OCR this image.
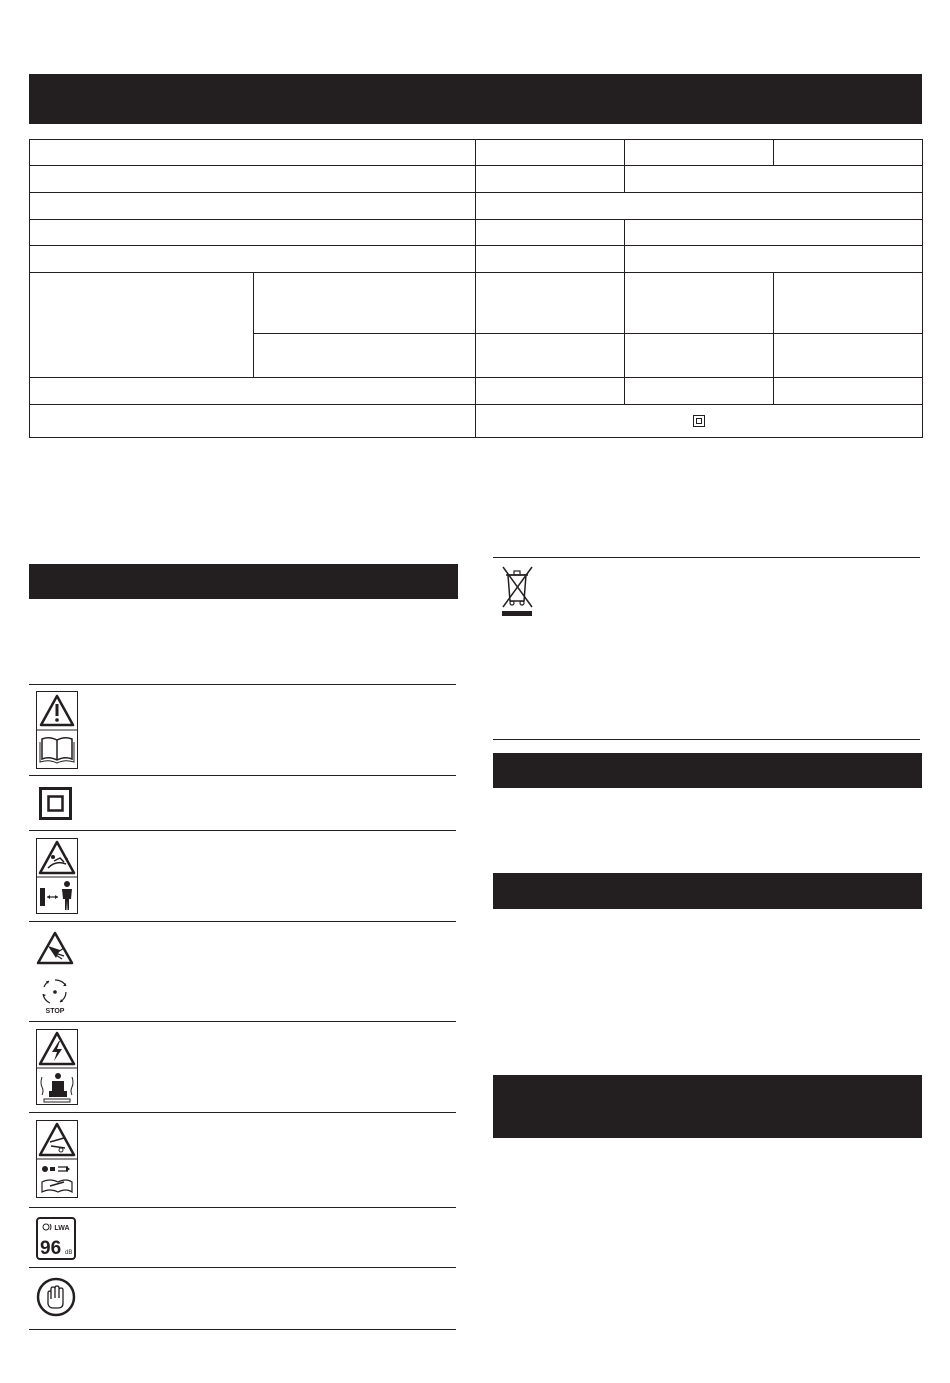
STOP
LWA
96 dB
